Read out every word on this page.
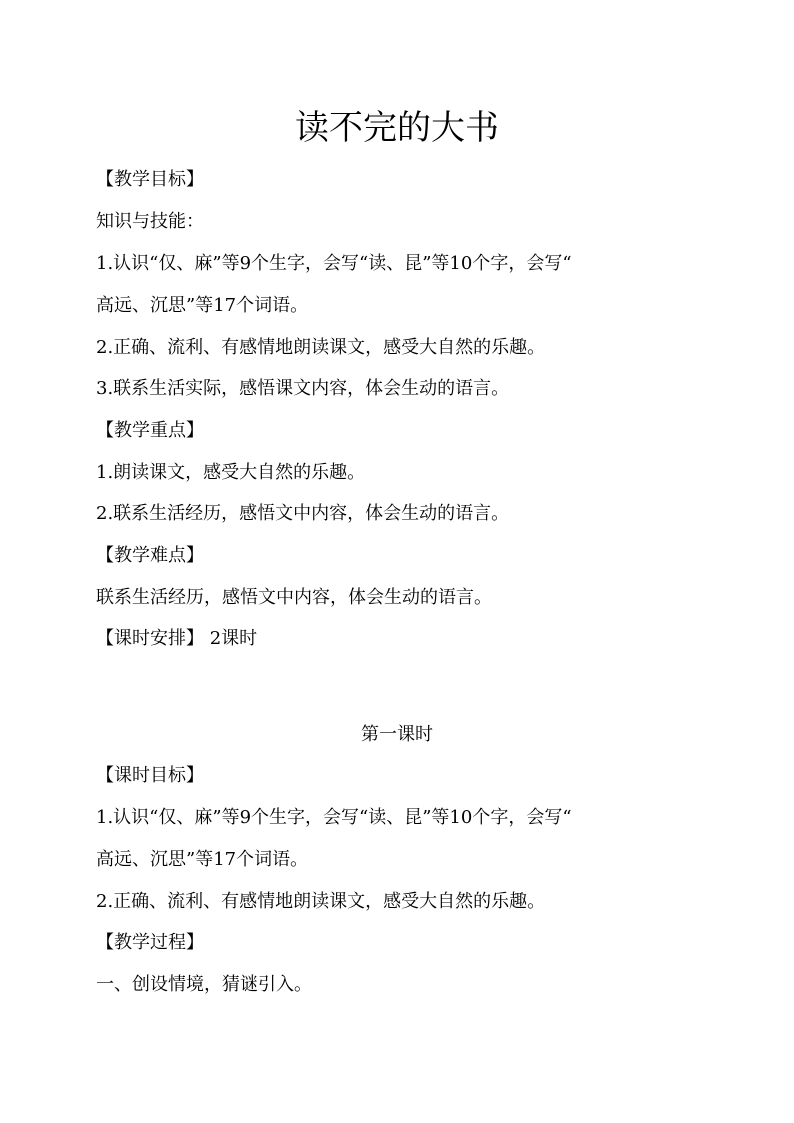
读不完的大书

【教学目标】

知识与技能：

1.认识“仅、麻”等9个生字，会写“读、昆”等10个字，会写“

高远、沉思”等17个词语。

2.正确、流利、有感情地朗读课文，感受大自然的乐趣。

3.联系生活实际，感悟课文内容，体会生动的语言。

【教学重点】

1.朗读课文，感受大自然的乐趣。

2.联系生活经历，感悟文中内容，体会生动的语言。

【教学难点】

联系生活经历，感悟文中内容，体会生动的语言。

【课时安排】 2课时

第一课时

【课时目标】

1.认识“仅、麻”等9个生字，会写“读、昆”等10个字，会写“

高远、沉思”等17个词语。

2.正确、流利、有感情地朗读课文，感受大自然的乐趣。

【教学过程】

一、创设情境，猜谜引入。
